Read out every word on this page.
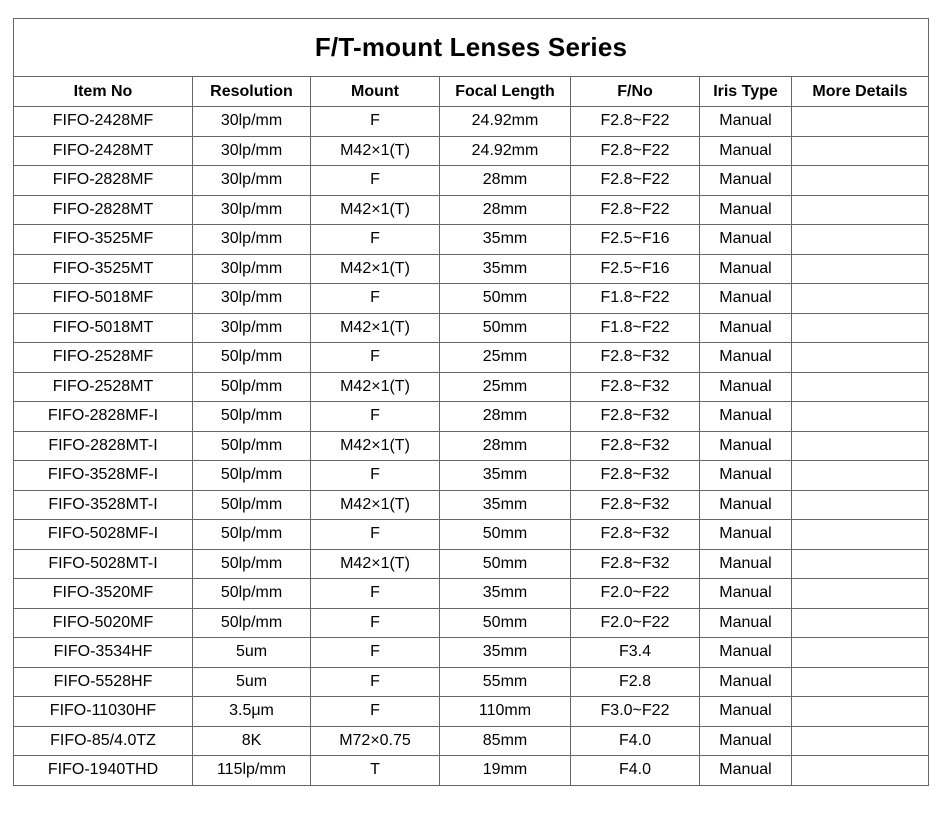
F/T-mount Lenses Series						
Item No	Resolution	Mount	Focal Length	F/No	Iris Type	More Details
FIFO-2428MF	30lp/mm	F	24.92mm	F2.8~F22	Manual	
FIFO-2428MT	30lp/mm	M42×1(T)	24.92mm	F2.8~F22	Manual	
FIFO-2828MF	30lp/mm	F	28mm	F2.8~F22	Manual	
FIFO-2828MT	30lp/mm	M42×1(T)	28mm	F2.8~F22	Manual	
FIFO-3525MF	30lp/mm	F	35mm	F2.5~F16	Manual	
FIFO-3525MT	30lp/mm	M42×1(T)	35mm	F2.5~F16	Manual	
FIFO-5018MF	30lp/mm	F	50mm	F1.8~F22	Manual	
FIFO-5018MT	30lp/mm	M42×1(T)	50mm	F1.8~F22	Manual	
FIFO-2528MF	50lp/mm	F	25mm	F2.8~F32	Manual	
FIFO-2528MT	50lp/mm	M42×1(T)	25mm	F2.8~F32	Manual	
FIFO-2828MF-I	50lp/mm	F	28mm	F2.8~F32	Manual	
FIFO-2828MT-I	50lp/mm	M42×1(T)	28mm	F2.8~F32	Manual	
FIFO-3528MF-I	50lp/mm	F	35mm	F2.8~F32	Manual	
FIFO-3528MT-I	50lp/mm	M42×1(T)	35mm	F2.8~F32	Manual	
FIFO-5028MF-I	50lp/mm	F	50mm	F2.8~F32	Manual	
FIFO-5028MT-I	50lp/mm	M42×1(T)	50mm	F2.8~F32	Manual	
FIFO-3520MF	50lp/mm	F	35mm	F2.0~F22	Manual	
FIFO-5020MF	50lp/mm	F	50mm	F2.0~F22	Manual	
FIFO-3534HF	5um	F	35mm	F3.4	Manual	
FIFO-5528HF	5um	F	55mm	F2.8	Manual	
FIFO-11030HF	3.5μm	F	110mm	F3.0~F22	Manual	
FIFO-85/4.0TZ	8K	M72×0.75	85mm	F4.0	Manual	
FIFO-1940THD	115lp/mm	T	19mm	F4.0	Manual	
